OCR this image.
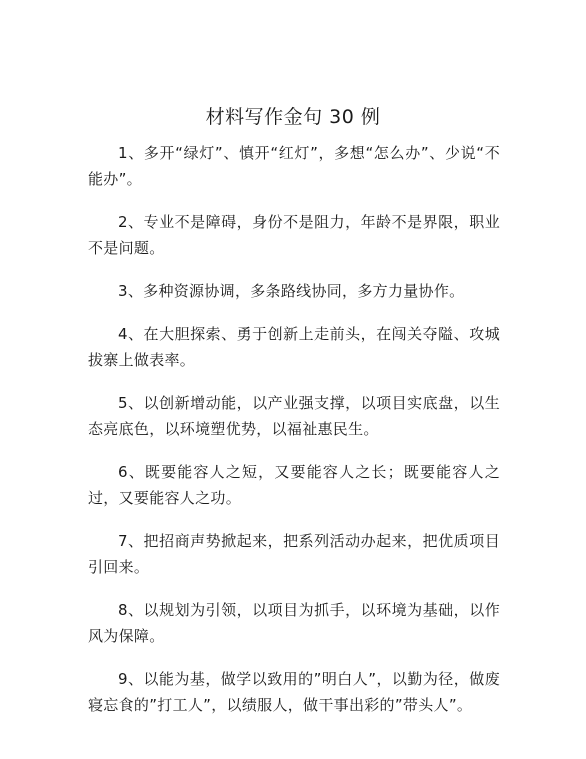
材料写作金句 30 例

1、多开“绿灯”、慎开“红灯”，多想“怎么办”、少说“不能办”。

2、专业不是障碍，身份不是阻力，年龄不是界限，职业不是问题。

3、多种资源协调，多条路线协同，多方力量协作。

4、在大胆探索、勇于创新上走前头，在闯关夺隘、攻城拔寨上做表率。

5、以创新增动能，以产业强支撑，以项目实底盘，以生态亮底色，以环境塑优势，以福祉惠民生。

6、既要能容人之短，又要能容人之长；既要能容人之过，又要能容人之功。

7、把招商声势掀起来，把系列活动办起来，把优质项目引回来。

8、以规划为引领，以项目为抓手，以环境为基础，以作风为保障。

9、以能为基，做学以致用的”明白人”，以勤为径，做废寝忘食的”打工人”，以绩服人，做干事出彩的”带头人”。
